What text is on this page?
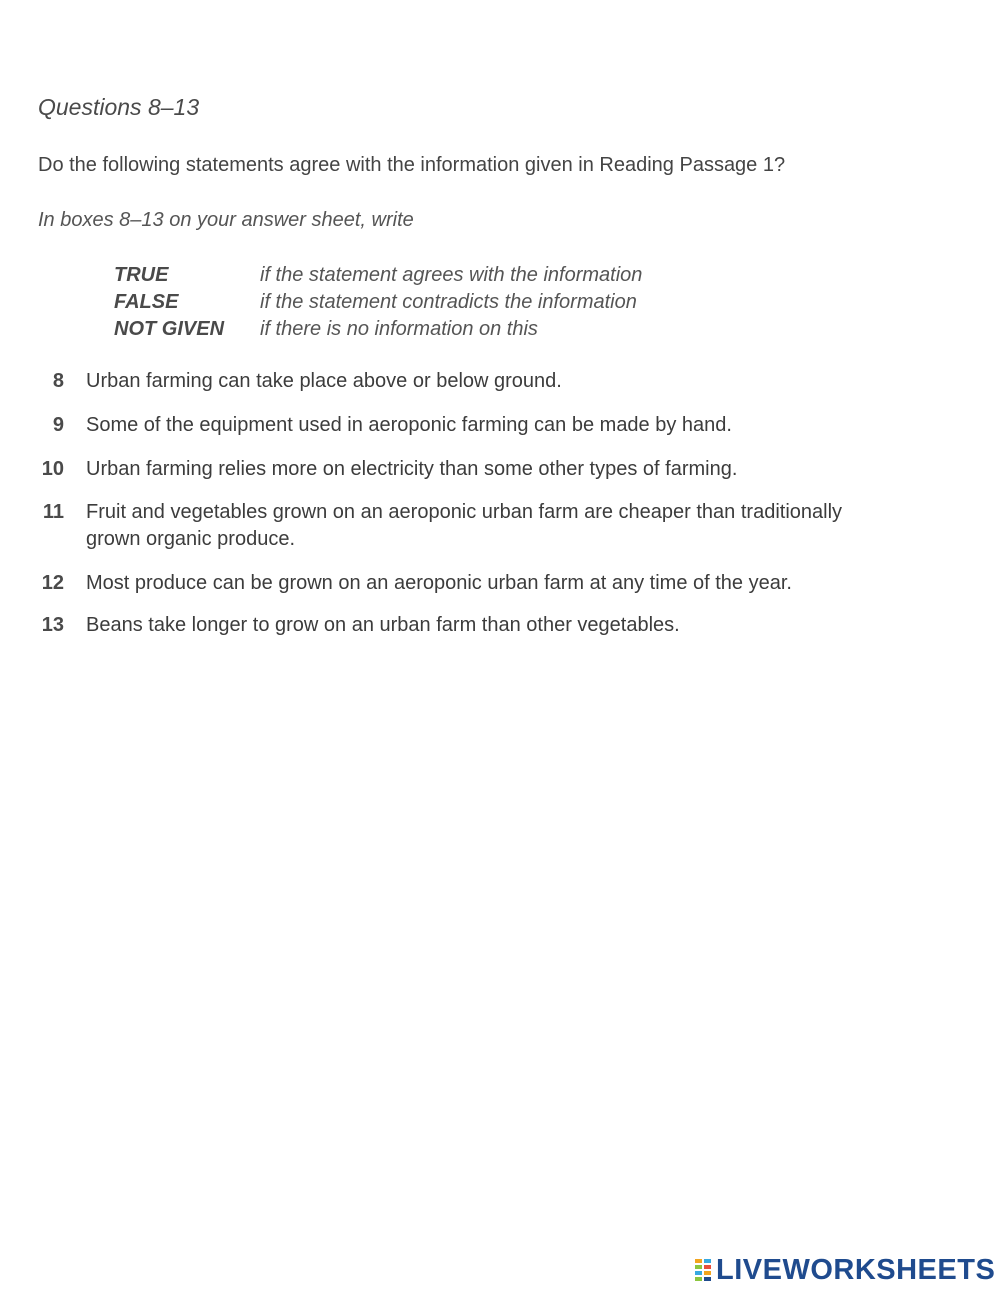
Questions 8–13
Do the following statements agree with the information given in Reading Passage 1?
In boxes 8–13 on your answer sheet, write
TRUE	if the statement agrees with the information
FALSE	if the statement contradicts the information
NOT GIVEN	if there is no information on this
8 Urban farming can take place above or below ground.
9 Some of the equipment used in aeroponic farming can be made by hand.
10 Urban farming relies more on electricity than some other types of farming.
11 Fruit and vegetables grown on an aeroponic urban farm are cheaper than traditionally grown organic produce.
12 Most produce can be grown on an aeroponic urban farm at any time of the year.
13 Beans take longer to grow on an urban farm than other vegetables.
LIVEWORKSHEETS
